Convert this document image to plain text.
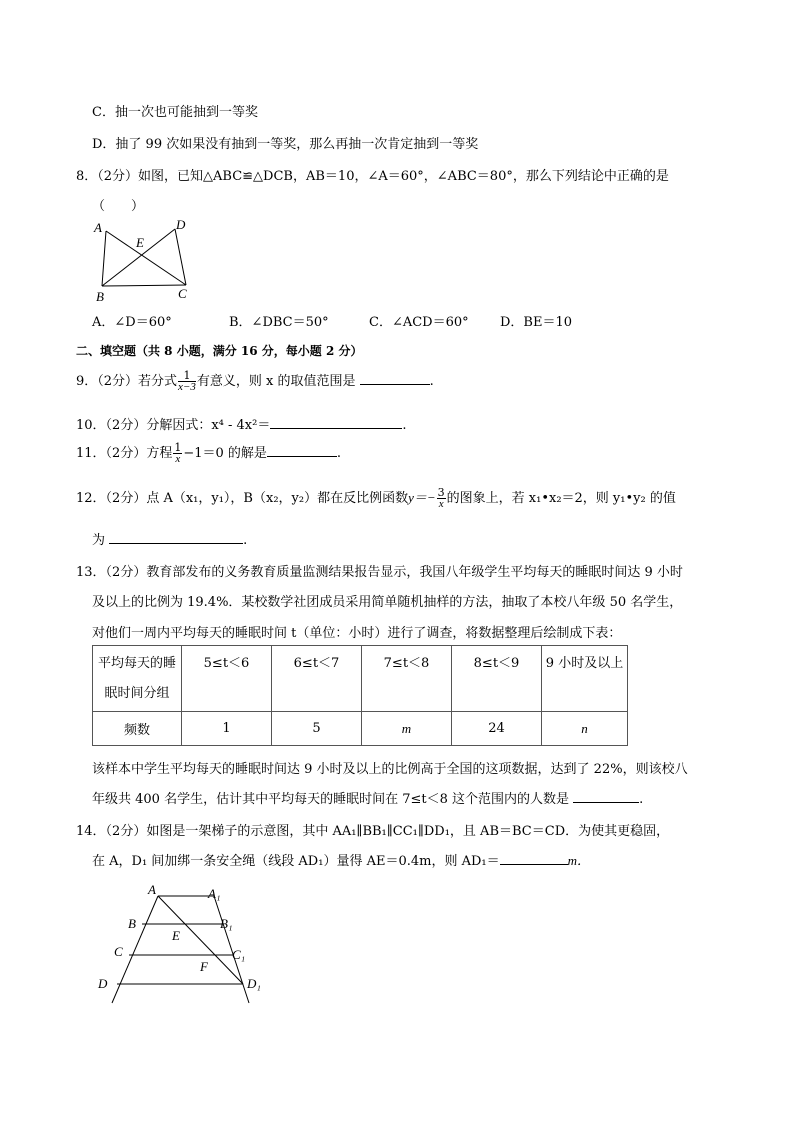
C．抽一次也可能抽到一等奖
D．抽了 99 次如果没有抽到一等奖，那么再抽一次肯定抽到一等奖
8．（2分）如图，已知△ABC≌△DCB，AB＝10，∠A＝60°，∠ABC＝80°，那么下列结论中正确的是
（　　）
A	D
E
B	C
A．∠D＝60°	B．∠DBC＝50°	C．∠ACD＝60° D．BE＝10
二、填空题（共 8 小题，满分 16 分，每小题 2 分）
9．（2分）若分式 $\frac{1}{x-3}$ 有意义，则 x 的取值范围是	.
10．（2分）分解因式：x⁴ - 4x²＝	.
11．（2分）方程 $\frac{1}{x} -1=0$ 的解是	.
12．（2分）点 A（x₁，y₁），B（x₂，y₂）都在反比例函数$y=- \frac{3}{x}$ 的图象上，若 x₁•x₂＝2，则 y₁•y₂ 的值
为	.
13．（2分）教育部发布的义务教育质量监测结果报告显示，我国八年级学生平均每天的睡眠时间达 9 小时
及以上的比例为 19.4%．某校数学社团成员采用简单随机抽样的方法，抽取了本校八年级 50 名学生，
对他们一周内平均每天的睡眠时间 t（单位：小时）进行了调查，将数据整理后绘制成下表：
平均每天的睡
眠时间分组	5≤t＜6	6≤t＜7	7≤t＜8	8≤t＜9	9 小时及以上
频数	1	5	m	24	n
该样本中学生平均每天的睡眠时间达 9 小时及以上的比例高于全国的这项数据，达到了 22%，则该校八
年级共 400 名学生，估计其中平均每天的睡眠时间在 7≤t＜8 这个范围内的人数是	.
14．（2分）如图是一架梯子的示意图，其中 AA₁∥BB₁∥CC₁∥DD₁，且 AB＝BC＝CD．为使其更稳固，
在 A，D₁ 间加绑一条安全绳（线段 AD₁）量得 AE＝0.4m，则 AD₁＝	m．
A	A₁
B	B₁
E
C	C₁
F
D	D₁
